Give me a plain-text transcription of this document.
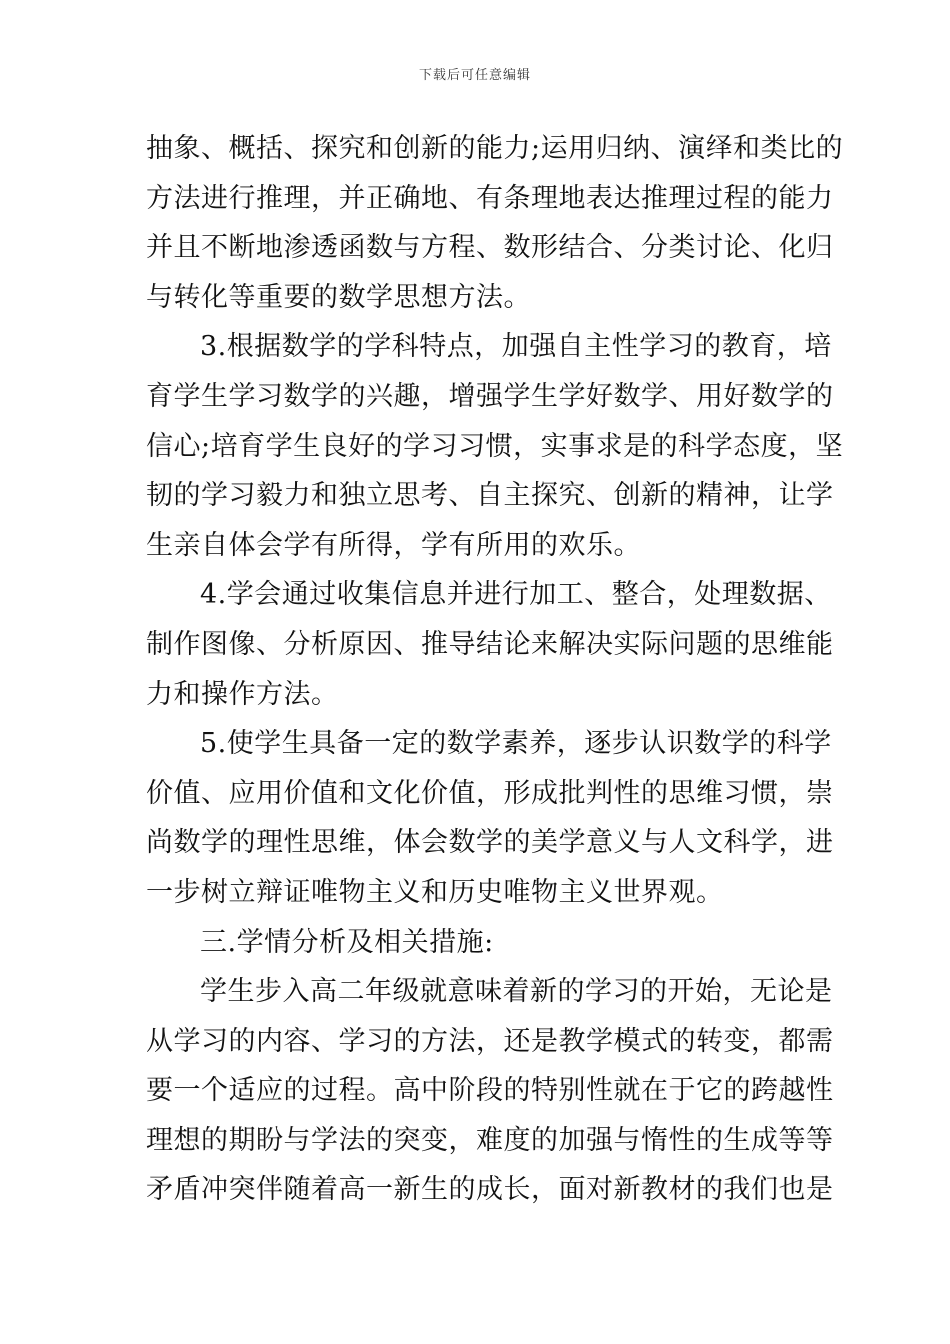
下载后可任意编辑
抽象、概括、探究和创新的能力;运用归纳、演绎和类比的
方法进行推理，并正确地、有条理地表达推理过程的能力
并且不断地渗透函数与方程、数形结合、分类讨论、化归
与转化等重要的数学思想方法。
3.根据数学的学科特点，加强自主性学习的教育，培
育学生学习数学的兴趣，增强学生学好数学、用好数学的
信心;培育学生良好的学习习惯，实事求是的科学态度，坚
韧的学习毅力和独立思考、自主探究、创新的精神，让学
生亲自体会学有所得，学有所用的欢乐。
4.学会通过收集信息并进行加工、整合，处理数据、
制作图像、分析原因、推导结论来解决实际问题的思维能
力和操作方法。
5.使学生具备一定的数学素养，逐步认识数学的科学
价值、应用价值和文化价值，形成批判性的思维习惯，崇
尚数学的理性思维，体会数学的美学意义与人文科学，进
一步树立辩证唯物主义和历史唯物主义世界观。
三.学情分析及相关措施:
学生步入高二年级就意味着新的学习的开始，无论是
从学习的内容、学习的方法，还是教学模式的转变，都需
要一个适应的过程。高中阶段的特别性就在于它的跨越性
理想的期盼与学法的突变，难度的加强与惰性的生成等等
矛盾冲突伴随着高一新生的成长，面对新教材的我们也是
